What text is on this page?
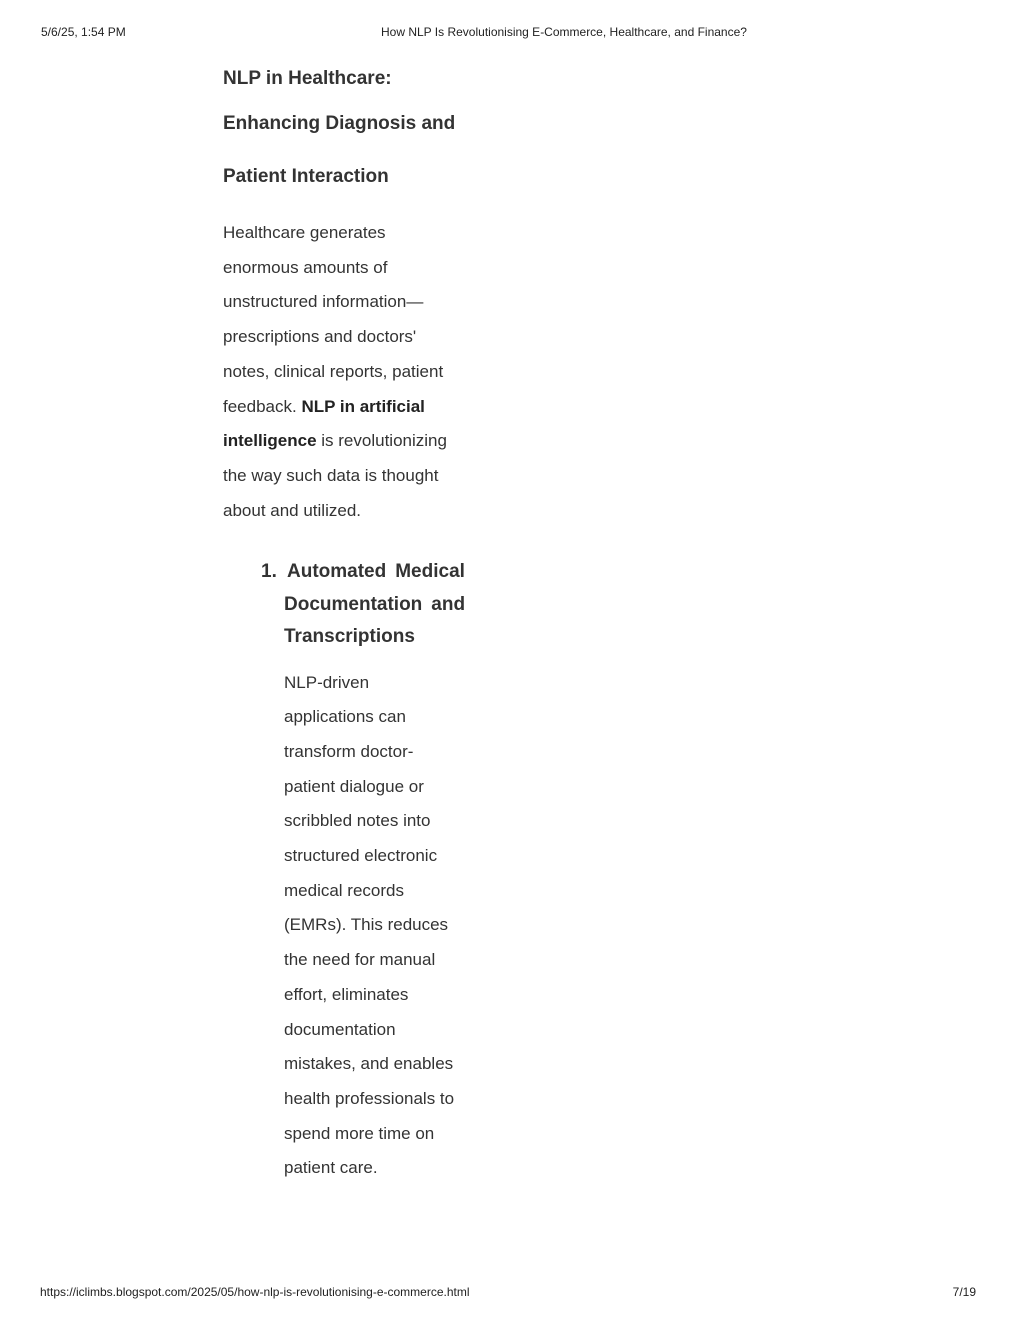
5/6/25, 1:54 PM	How NLP Is Revolutionising E-Commerce, Healthcare, and Finance?
NLP in Healthcare:
Enhancing Diagnosis and
Patient Interaction

Healthcare generates
enormous amounts of
unstructured information—
prescriptions and doctors'
notes, clinical reports, patient
feedback. NLP in artificial
intelligence is revolutionizing
the way such data is thought
about and utilized.

1. Automated Medical
Documentation and
Transcriptions

NLP-driven
applications can
transform doctor-
patient dialogue or
scribbled notes into
structured electronic
medical records
(EMRs). This reduces
the need for manual
effort, eliminates
documentation
mistakes, and enables
health professionals to
spend more time on
patient care.

https://iclimbs.blogspot.com/2025/05/how-nlp-is-revolutionising-e-commerce.html	7/19
